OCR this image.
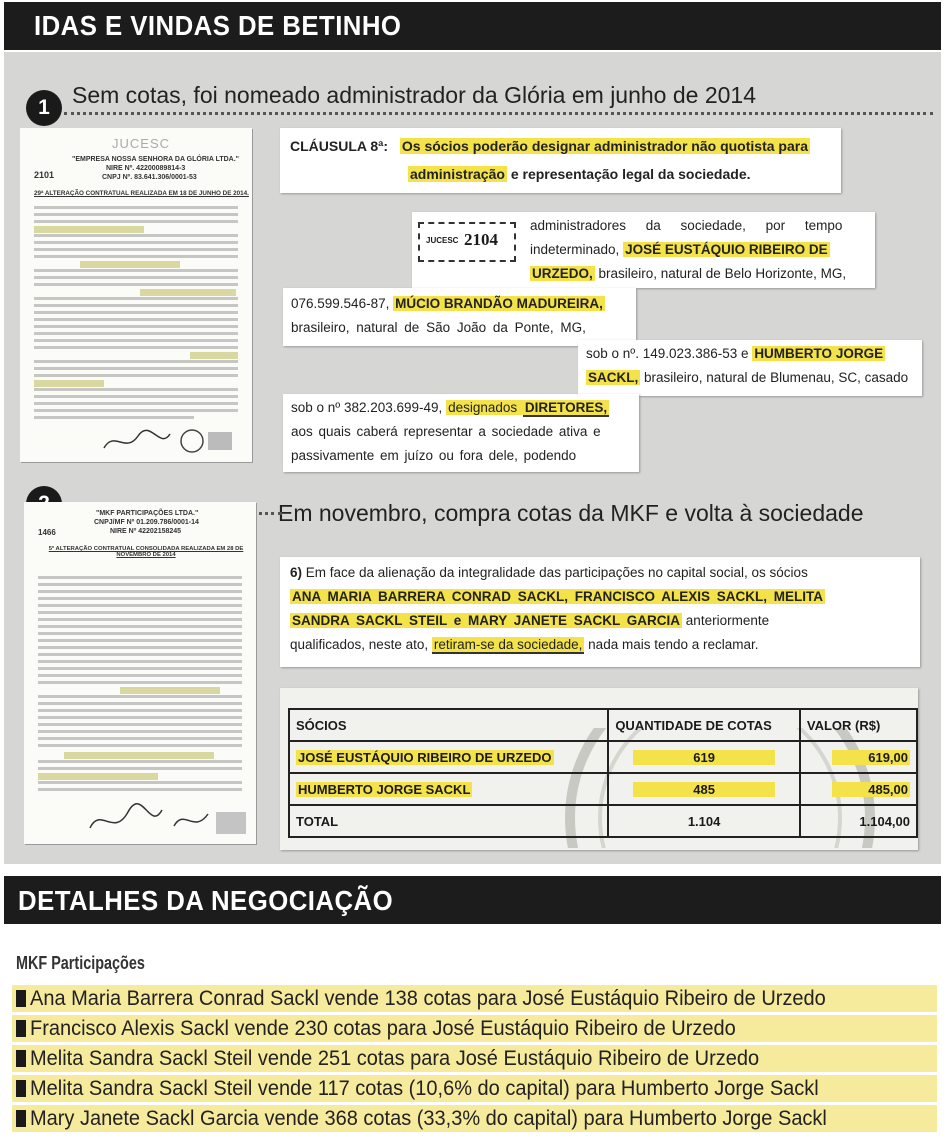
IDAS E VINDAS DE BETINHO
1 Sem cotas, foi nomeado administrador da Glória em junho de 2014
JUCESC
"EMPRESA NOSSA SENHORA DA GLÓRIA LTDA."
NIRE Nº. 42200089814-3
CNPJ Nº. 83.641.306/0001-53
2101
29ª ALTERAÇÃO CONTRATUAL REALIZADA EM 18 DE JUNHO DE 2014.
CLÁUSULA 8ª: Os sócios poderão designar administrador não quotista para
administração e representação legal da sociedade.
JUCESC 2104
administradores da sociedade, por tempo
indeterminado, JOSÉ EUSTÁQUIO RIBEIRO DE
URZEDO, brasileiro, natural de Belo Horizonte, MG,
076.599.546-87, MÚCIO BRANDÃO MADUREIRA,
brasileiro, natural de São João da Ponte, MG,
sob o nº. 149.023.386-53 e HUMBERTO JORGE
SACKL, brasileiro, natural de Blumenau, SC, casado
sob o nº 382.203.699-49, designados DIRETORES,
aos quais caberá representar a sociedade ativa e
passivamente em juízo ou fora dele, podendo
Em novembro, compra cotas da MKF e volta à sociedade
"MKF PARTICIPAÇÕES LTDA."
CNPJ/MF Nº 01.209.786/0001-14
NIRE Nº 42202158245
1466
5ª ALTERAÇÃO CONTRATUAL CONSOLIDADA REALIZADA EM 28 DE NOVEMBRO DE 2014
6) Em face da alienação da integralidade das participações no capital social, os sócios
ANA MARIA BARRERA CONRAD SACKL, FRANCISCO ALEXIS SACKL, MELITA
SANDRA SACKL STEIL e MARY JANETE SACKL GARCIA anteriormente
qualificados, neste ato, retiram-se da sociedade, nada mais tendo a reclamar.
SÓCIOS	QUANTIDADE DE COTAS	VALOR (R$)
JOSÉ EUSTÁQUIO RIBEIRO DE URZEDO	619	619,00
HUMBERTO JORGE SACKL	485	485,00
TOTAL	1.104	1.104,00
DETALHES DA NEGOCIAÇÃO
MKF Participações
Ana Maria Barrera Conrad Sackl vende 138 cotas para José Eustáquio Ribeiro de Urzedo
Francisco Alexis Sackl vende 230 cotas para José Eustáquio Ribeiro de Urzedo
Melita Sandra Sackl Steil vende 251 cotas para José Eustáquio Ribeiro de Urzedo
Melita Sandra Sackl Steil vende 117 cotas (10,6% do capital) para Humberto Jorge Sackl
Mary Janete Sackl Garcia vende 368 cotas (33,3% do capital) para Humberto Jorge Sackl
